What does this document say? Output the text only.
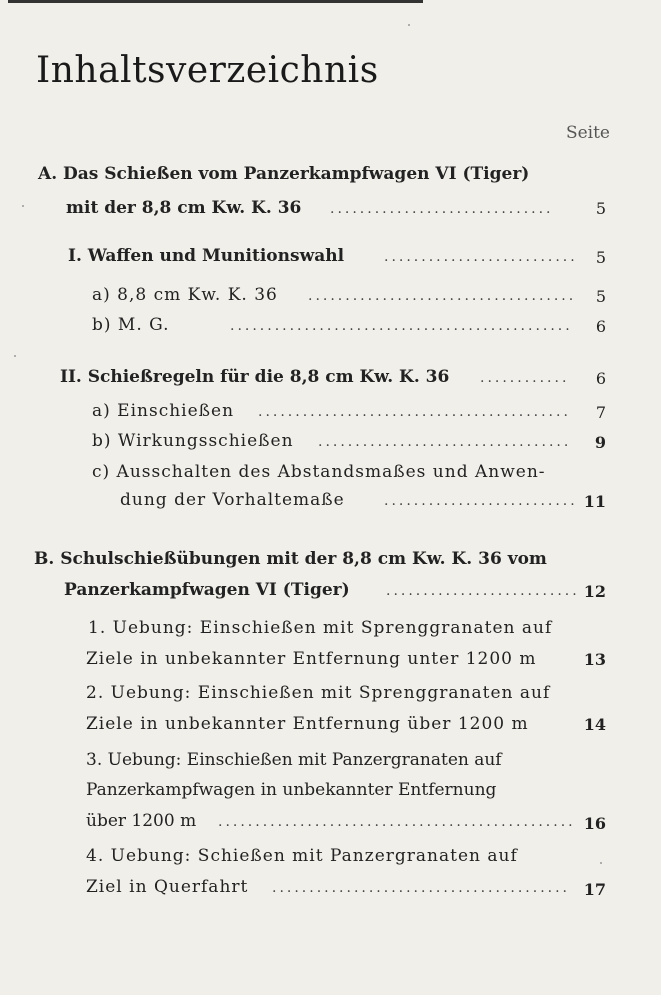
Inhaltsverzeichnis
Seite
A. Das Schießen vom Panzerkampfwagen VI (Tiger)
mit der 8,8 cm Kw. K. 36 ..............................	5
I. Waffen und Munitionswahl	..........................	5
a) 8,8 cm Kw. K. 36 ....................................	5
b) M. G.	..............................................	6
II. Schießregeln für die 8,8 cm Kw. K. 36 ............	6
a) Einschießen ..........................................	7
b) Wirkungsschießen ..................................	9
c) Ausschalten des Abstandsmaßes und Anwen-
dung der Vorhaltemaße	.......................... 11
B. Schulschießübungen mit der 8,8 cm Kw. K. 36 vom
Panzerkampfwagen VI (Tiger)	.......................... 12
1. Uebung: Einschießen mit Sprenggranaten auf
Ziele in unbekannter Entfernung unter 1200 m	13
2. Uebung: Einschießen mit Sprenggranaten auf
Ziele in unbekannter Entfernung über 1200 m	14
3. Uebung: Einschießen mit Panzergranaten auf
Panzerkampfwagen in unbekannter Entfernung
über 1200 m ................................................ 16
4. Uebung: Schießen mit Panzergranaten auf
Ziel in Querfahrt ........................................ 17
